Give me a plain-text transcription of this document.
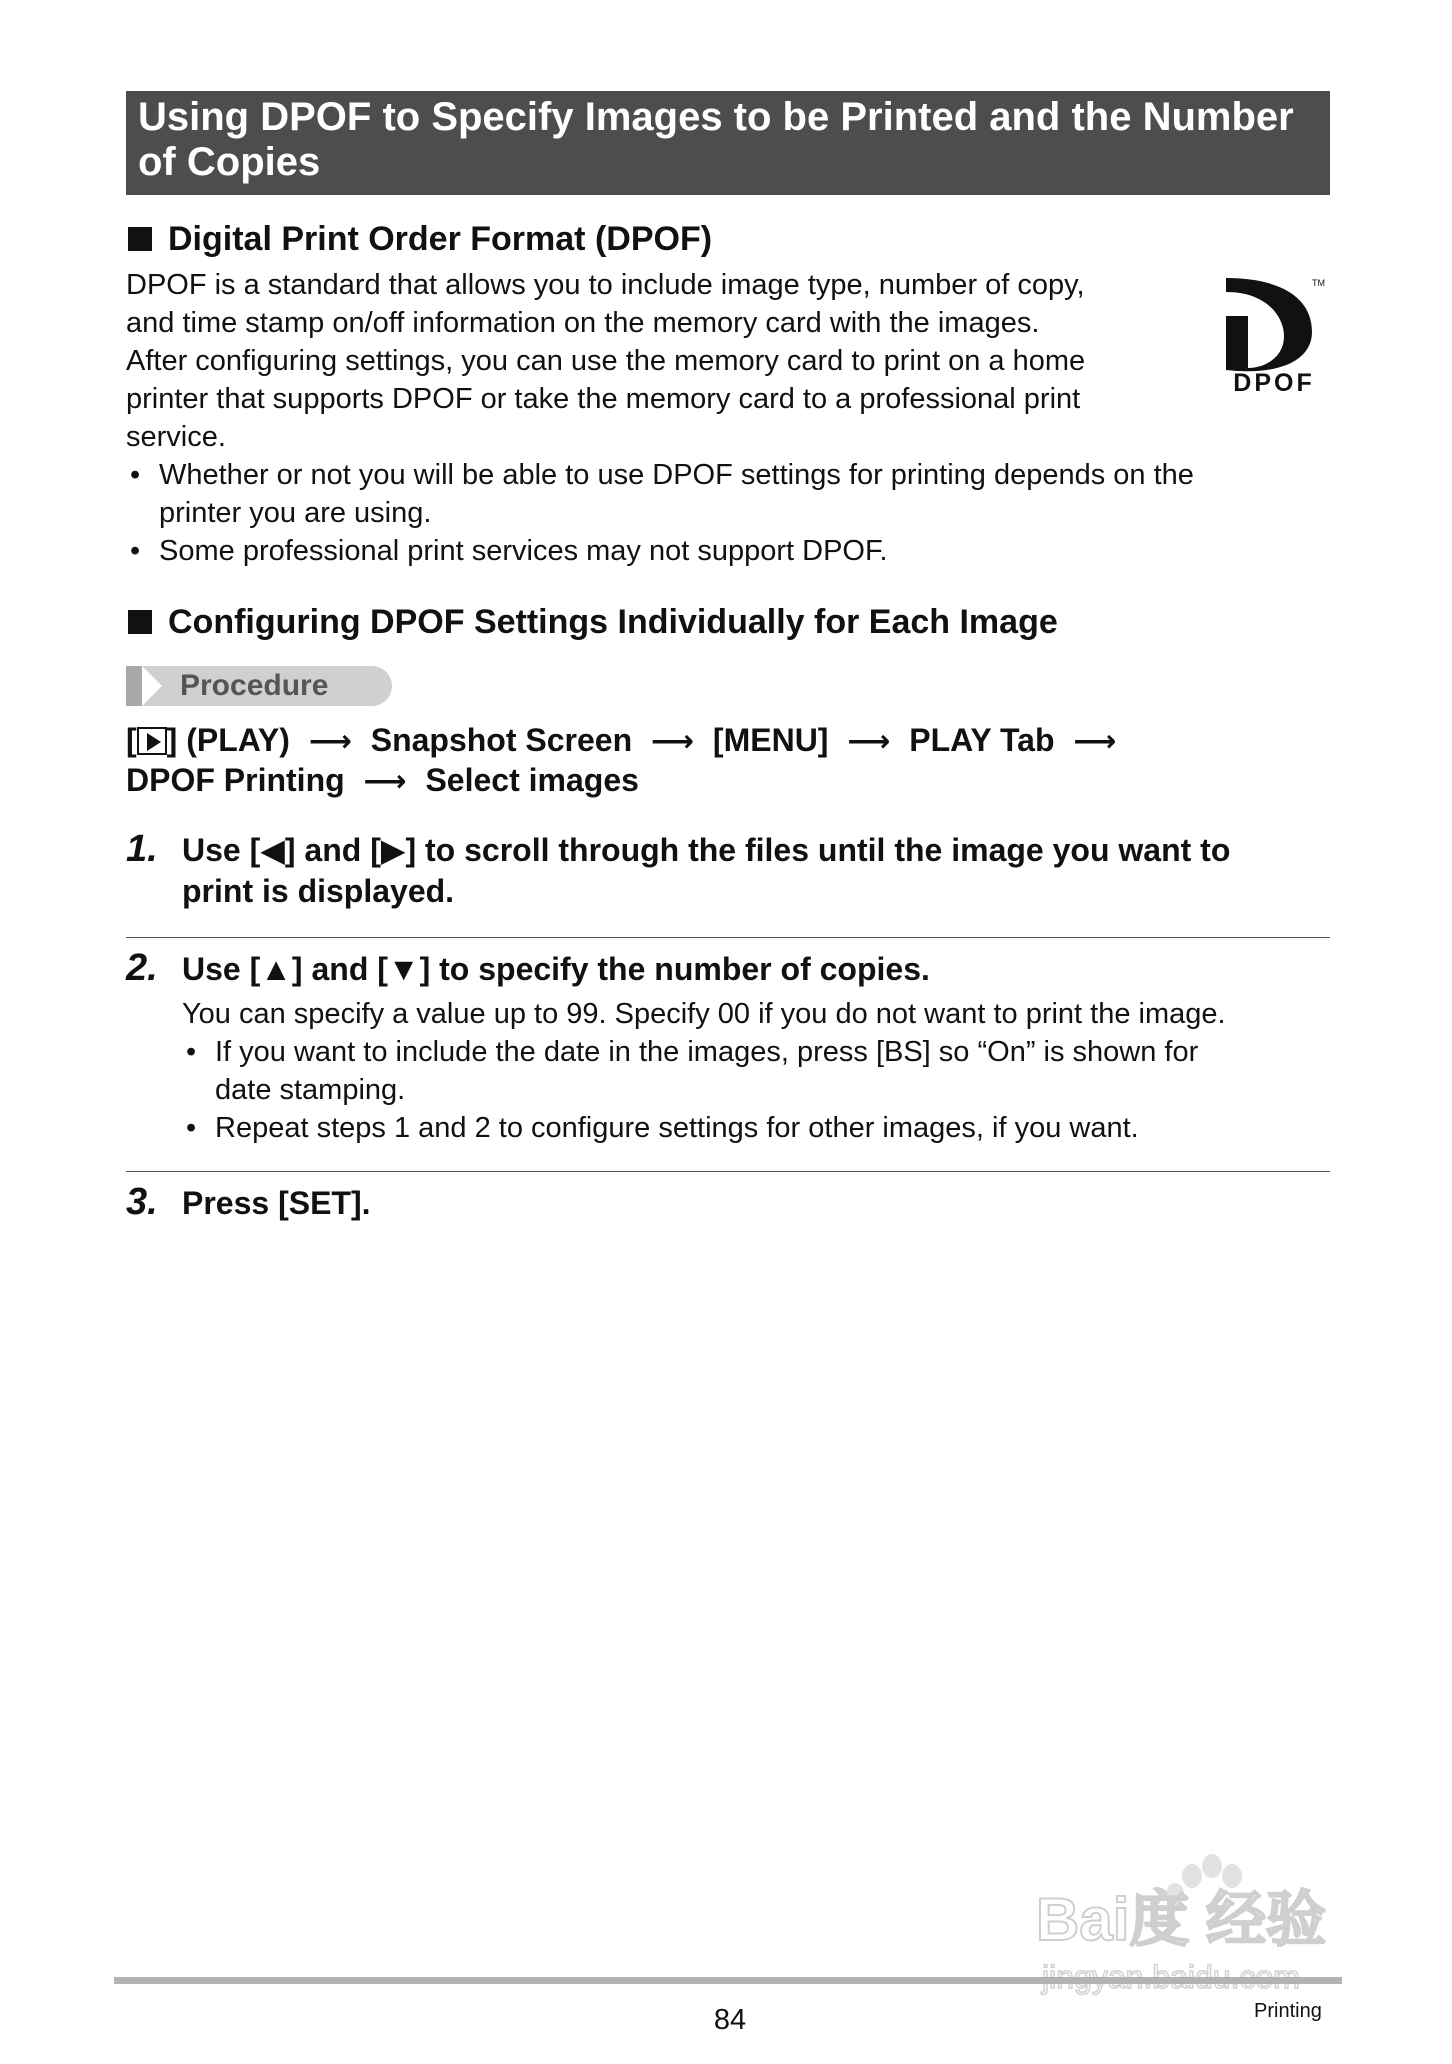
Using DPOF to Specify Images to be Printed and the Number of Copies
Digital Print Order Format (DPOF)
DPOF is a standard that allows you to include image type, number of copy,
and time stamp on/off information on the memory card with the images.
After configuring settings, you can use the memory card to print on a home
printer that supports DPOF or take the memory card to a professional print
service.
TM
DPOF
• Whether or not you will be able to use DPOF settings for printing depends on the
printer you are using.
• Some professional print services may not support DPOF.
Configuring DPOF Settings Individually for Each Image
Procedure
[ ] (PLAY) ⟶ Snapshot Screen ⟶ [MENU] ⟶ PLAY Tab ⟶
DPOF Printing ⟶ Select images
1. Use [◀] and [▶] to scroll through the files until the image you want to
print is displayed.
2. Use [▲] and [▼] to specify the number of copies.
You can specify a value up to 99. Specify 00 if you do not want to print the image.
• If you want to include the date in the images, press [BS] so “On” is shown for
date stamping.
• Repeat steps 1 and 2 to configure settings for other images, if you want.
3. Press [SET].
Bai度 经验
84	Printing
